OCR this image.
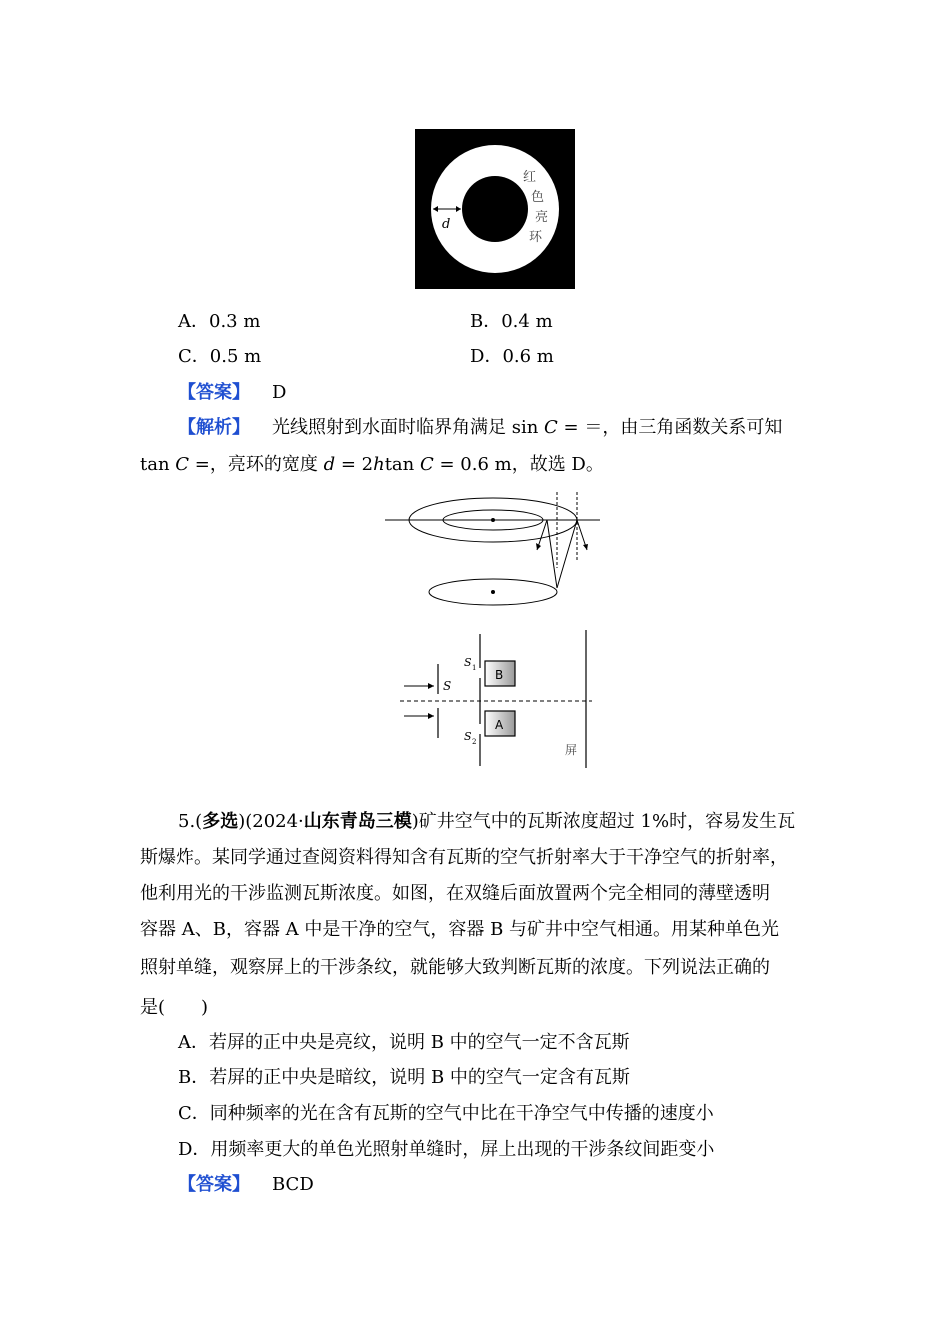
d
红
色
亮
环
A．0.3 m	B．0.4 m
C．0.5 m	D．0.6 m
【答案】 D
【解析】 光线照射到水面时临界角满足 sin C = ＝，由三角函数关系可知
tan C =，亮环的宽度 d = 2htan C = 0.6 m，故选 D。
B
A
S 1
S 2
S
屏
5.(多选)(2024·山东青岛三模)矿井空气中的瓦斯浓度超过 1%时，容易发生瓦
斯爆炸。某同学通过查阅资料得知含有瓦斯的空气折射率大于干净空气的折射率，
他利用光的干涉监测瓦斯浓度。如图，在双缝后面放置两个完全相同的薄壁透明
容器 A、B，容器 A 中是干净的空气，容器 B 与矿井中空气相通。用某种单色光
照射单缝，观察屏上的干涉条纹，就能够大致判断瓦斯的浓度。下列说法正确的
是(　　)
A．若屏的正中央是亮纹，说明 B 中的空气一定不含瓦斯
B．若屏的正中央是暗纹，说明 B 中的空气一定含有瓦斯
C．同种频率的光在含有瓦斯的空气中比在干净空气中传播的速度小
D．用频率更大的单色光照射单缝时，屏上出现的干涉条纹间距变小
【答案】 BCD
